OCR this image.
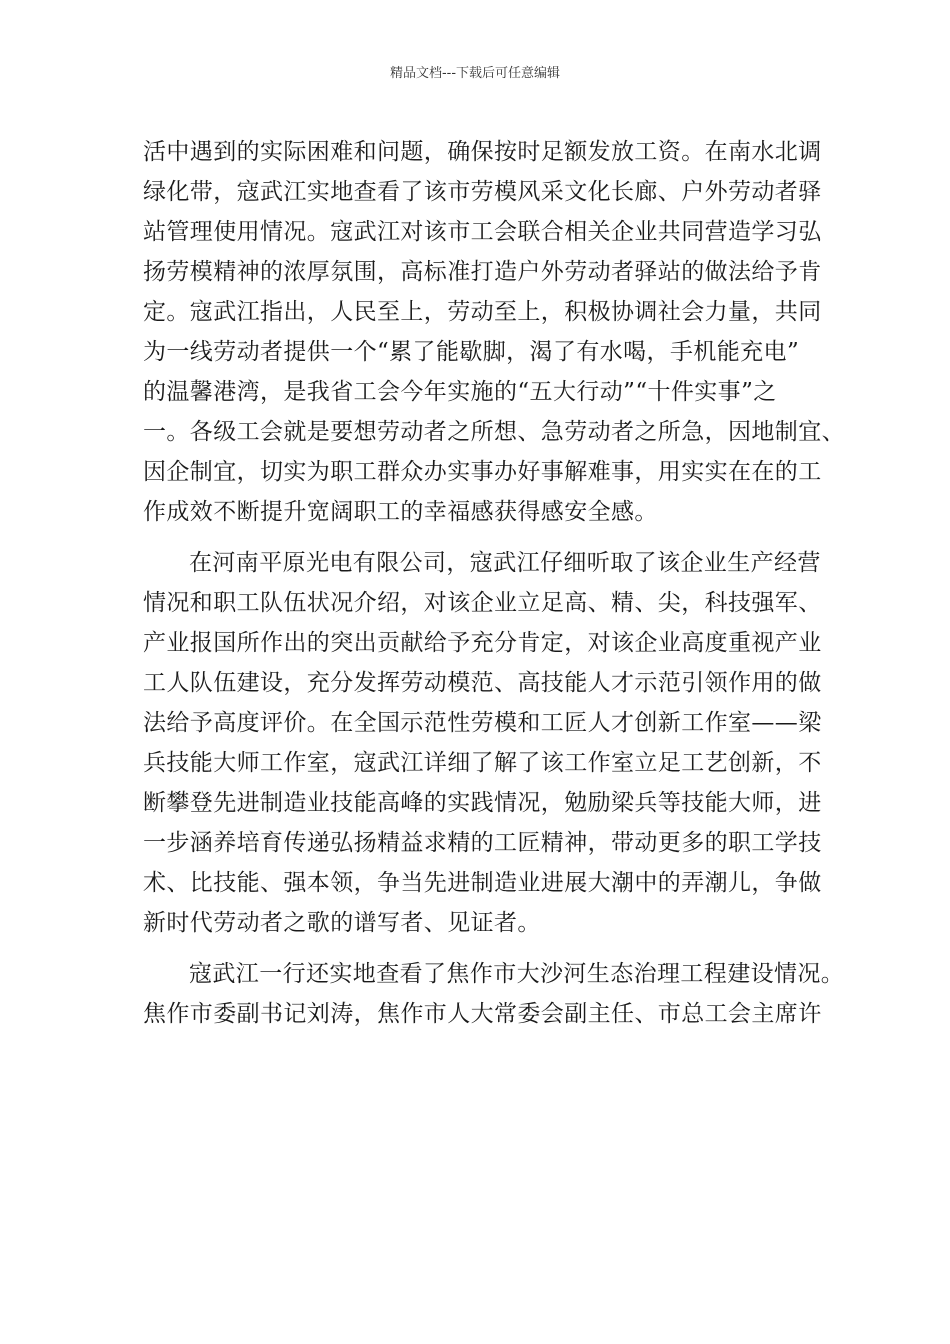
精品文档---下载后可任意编辑
活中遇到的实际困难和问题，确保按时足额发放工资。在南水北调
绿化带，寇武江实地查看了该市劳模风采文化长廊、户外劳动者驿
站管理使用情况。寇武江对该市工会联合相关企业共同营造学习弘
扬劳模精神的浓厚氛围，高标准打造户外劳动者驿站的做法给予肯
定。寇武江指出，人民至上，劳动至上，积极协调社会力量，共同
为一线劳动者提供一个“累了能歇脚，渴了有水喝，手机能充电”
的温馨港湾，是我省工会今年实施的“五大行动”“十件实事”之
一。各级工会就是要想劳动者之所想、急劳动者之所急，因地制宜、
因企制宜，切实为职工群众办实事办好事解难事，用实实在在的工
作成效不断提升宽阔职工的幸福感获得感安全感。
在河南平原光电有限公司，寇武江仔细听取了该企业生产经营
情况和职工队伍状况介绍，对该企业立足高、精、尖，科技强军、
产业报国所作出的突出贡献给予充分肯定，对该企业高度重视产业
工人队伍建设，充分发挥劳动模范、高技能人才示范引领作用的做
法给予高度评价。在全国示范性劳模和工匠人才创新工作室——梁
兵技能大师工作室，寇武江详细了解了该工作室立足工艺创新，不
断攀登先进制造业技能高峰的实践情况，勉励梁兵等技能大师，进
一步涵养培育传递弘扬精益求精的工匠精神，带动更多的职工学技
术、比技能、强本领，争当先进制造业进展大潮中的弄潮儿，争做
新时代劳动者之歌的谱写者、见证者。
寇武江一行还实地查看了焦作市大沙河生态治理工程建设情况。
焦作市委副书记刘涛，焦作市人大常委会副主任、市总工会主席许
